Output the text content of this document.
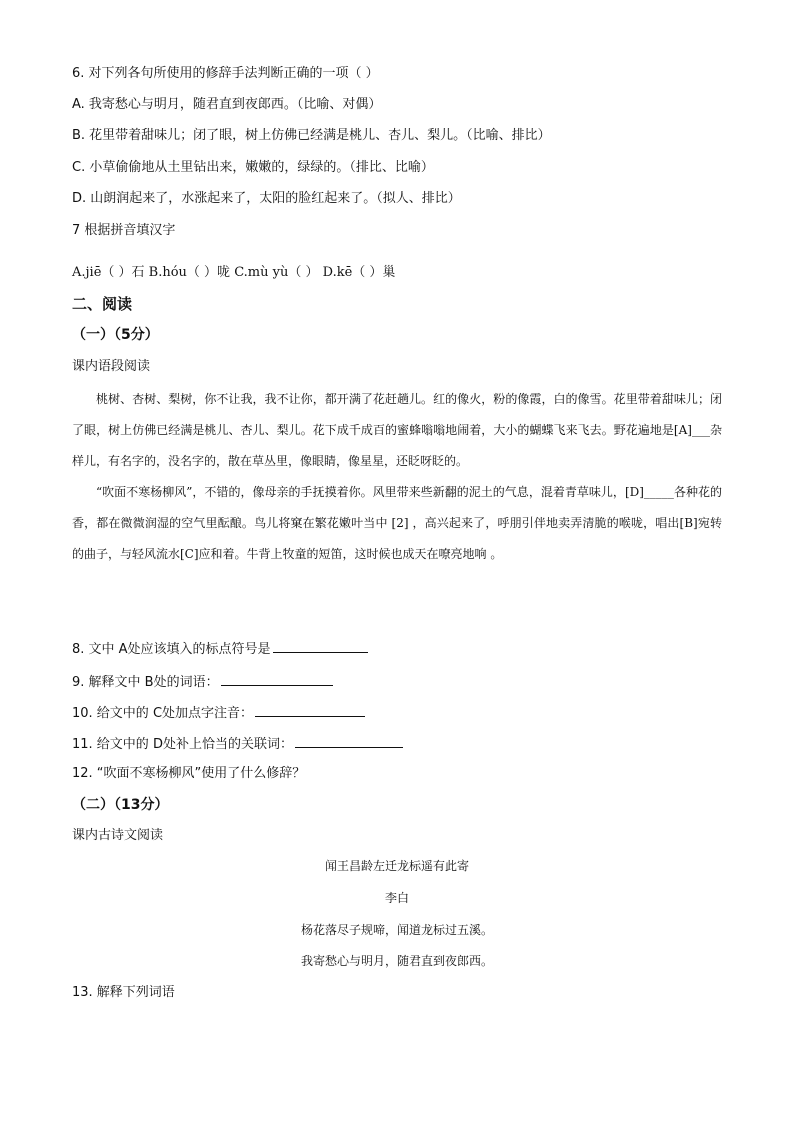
6. 对下列各句所使用的修辞手法判断正确的一项（ ）
A. 我寄愁心与明月，随君直到夜郎西。（比喻、对偶）
B. 花里带着甜味儿；闭了眼，树上仿佛已经满是桃儿、杏儿、梨儿。（比喻、排比）
C. 小草偷偷地从土里钻出来，嫩嫩的，绿绿的。（排比、比喻）
D. 山朗润起来了，水涨起来了，太阳的脸红起来了。（拟人、排比）
7 根据拼音填汉字
A.jiē（ ）石 B.hóu（ ）咙 C.mù yù（ ） D.kē（ ）巢
二、阅读
（一）（5分）
课内语段阅读

桃树、杏树、梨树，你不让我，我不让你，都开满了花赶趟儿。红的像火，粉的像霞，白的像雪。花里带着甜味儿；闭了眼，树上仿佛已经满是桃儿、杏儿、梨儿。花下成千成百的蜜蜂嗡嗡地闹着，大小的蝴蝶飞来飞去。野花遍地是[A]___杂样儿，有名字的，没名字的，散在草丛里，像眼睛，像星星，还眨呀眨的。

“吹面不寒杨柳风”，不错的，像母亲的手抚摸着你。风里带来些新翻的泥土的气息，混着青草味儿，[D]_____各种花的香，都在微微润湿的空气里酝酿。鸟儿将窠在繁花嫩叶当中 [2] ，高兴起来了，呼朋引伴地卖弄清脆的喉咙，唱出[B]宛转的曲子，与轻风流水[C]应和着。牛背上牧童的短笛，这时候也成天在嘹亮地响 。

8. 文中 A处应该填入的标点符号是
9. 解释文中 B处的词语：
10. 给文中的 C处加点字注音：
11. 给文中的 D处补上恰当的关联词：
12. “吹面不寒杨柳风”使用了什么修辞？
（二）（13分）
课内古诗文阅读
闻王昌龄左迁龙标遥有此寄
李白
杨花落尽子规啼，闻道龙标过五溪。
我寄愁心与明月，随君直到夜郎西。
13. 解释下列词语
